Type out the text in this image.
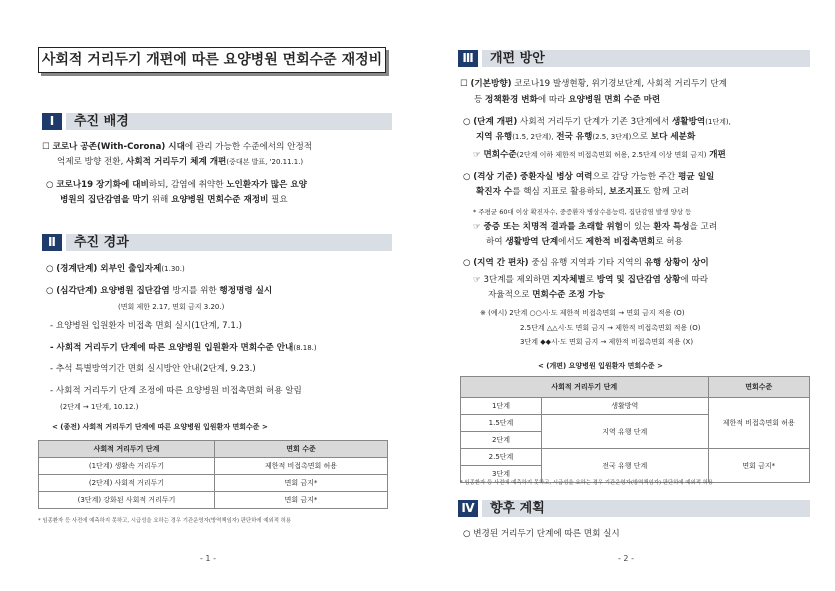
사회적 거리두기 개편에 따른 요양병원 면회수준 재정비
Ⅰ	추진 배경
☐ 코로나 공존(With-Corona) 시대에 관리 가능한 수준에서의 안정적
억제로 방향 전환, 사회적 거리두기 체계 개편(중대본 발표, '20.11.1.)
○ 코로나19 장기화에 대비하되, 감염에 취약한 노인환자가 많은 요양
병원의 집단감염을 막기 위해 요양병원 면회수준 재정비 필요
Ⅱ	추진 경과
○ (경계단계) 외부인 출입자제(1.30.)
○ (심각단계) 요양병원 집단감염 방지를 위한 행정명령 실시
(면회 제한 2.17, 면회 금지 3.20.)
- 요양병원 입원환자 비접촉 면회 실시(1단계, 7.1.)
- 사회적 거리두기 단계에 따른 요양병원 입원환자 면회수준 안내(8.18.)
- 추석 특별방역기간 면회 실시방안 안내(2단계, 9.23.)
- 사회적 거리두기 단계 조정에 따른 요양병원 비접촉면회 허용 알림
(2단계 → 1단계, 10.12.)
< (종전) 사회적 거리두기 단계에 따른 요양병원 입원환자 면회수준 >
사회적 거리두기 단계	면회 수준
(1단계) 생활속 거리두기	제한적 비접촉면회 허용
(2단계) 사회적 거리두기	면회 금지*
(3단계) 강화된 사회적 거리두기	면회 금지*
* 임종환자 등 사전에 예측하지 못하고, 시급성을 요하는 경우 기관운영자(방역책임자) 판단하에 예외적 허용
- 1 -
Ⅲ	개편 방안
☐ (기본방향) 코로나19 발생현황, 위기경보단계, 사회적 거리두기 단계
등 정책환경 변화에 따라 요양병원 면회 수준 마련
○ (단계 개편) 사회적 거리두기 단계가 기존 3단계에서 생활방역(1단계),
지역 유행(1.5, 2단계), 전국 유행(2.5, 3단계)으로 보다 세분화
☞ 면회수준(2단계 이하 제한적 비접촉면회 허용, 2.5단계 이상 면회 금지) 개편
○ (격상 기준) 중환자실 병상 여력으로 감당 가능한 주간 평균 일일
확진자 수를 핵심 지표로 활용하되, 보조지표도 함께 고려
* 주평균 60대 이상 확진자수, 중증환자 병상수용능력, 집단감염 발생 양상 등
☞ 중증 또는 치명적 결과를 초래할 위험이 있는 환자 특성을 고려
하여 생활방역 단계에서도 제한적 비접촉면회로 허용
○ (지역 간 편차) 중심 유행 지역과 기타 지역의 유행 상황이 상이
☞ 3단계를 제외하면 지자체별로 방역 및 집단감염 상황에 따라
자율적으로 면회수준 조정 가능
※ (예시) 2단계 ○○시·도 제한적 비접촉면회 → 면회 금지 적용 (O)
2.5단계 △△시·도 면회 금지 → 제한적 비접촉면회 적용 (O)
3단계 ◆◆시·도 면회 금지 → 제한적 비접촉면회 적용 (X)
< (개편) 요양병원 입원환자 면회수준 >
사회적 거리두기 단계		면회수준
1단계	생활방역	제한적 비접촉면회 허용
1.5단계	지역 유행 단계	
2단계		
2.5단계	전국 유행 단계	면회 금지*
3단계		
* 임종환자 등 사전에 예측하지 못하고, 시급성을 요하는 경우 기관운영자(방역책임자) 판단하에 예외적 허용
Ⅳ	향후 계획
○ 변경된 거리두기 단계에 따른 면회 실시
- 2 -
